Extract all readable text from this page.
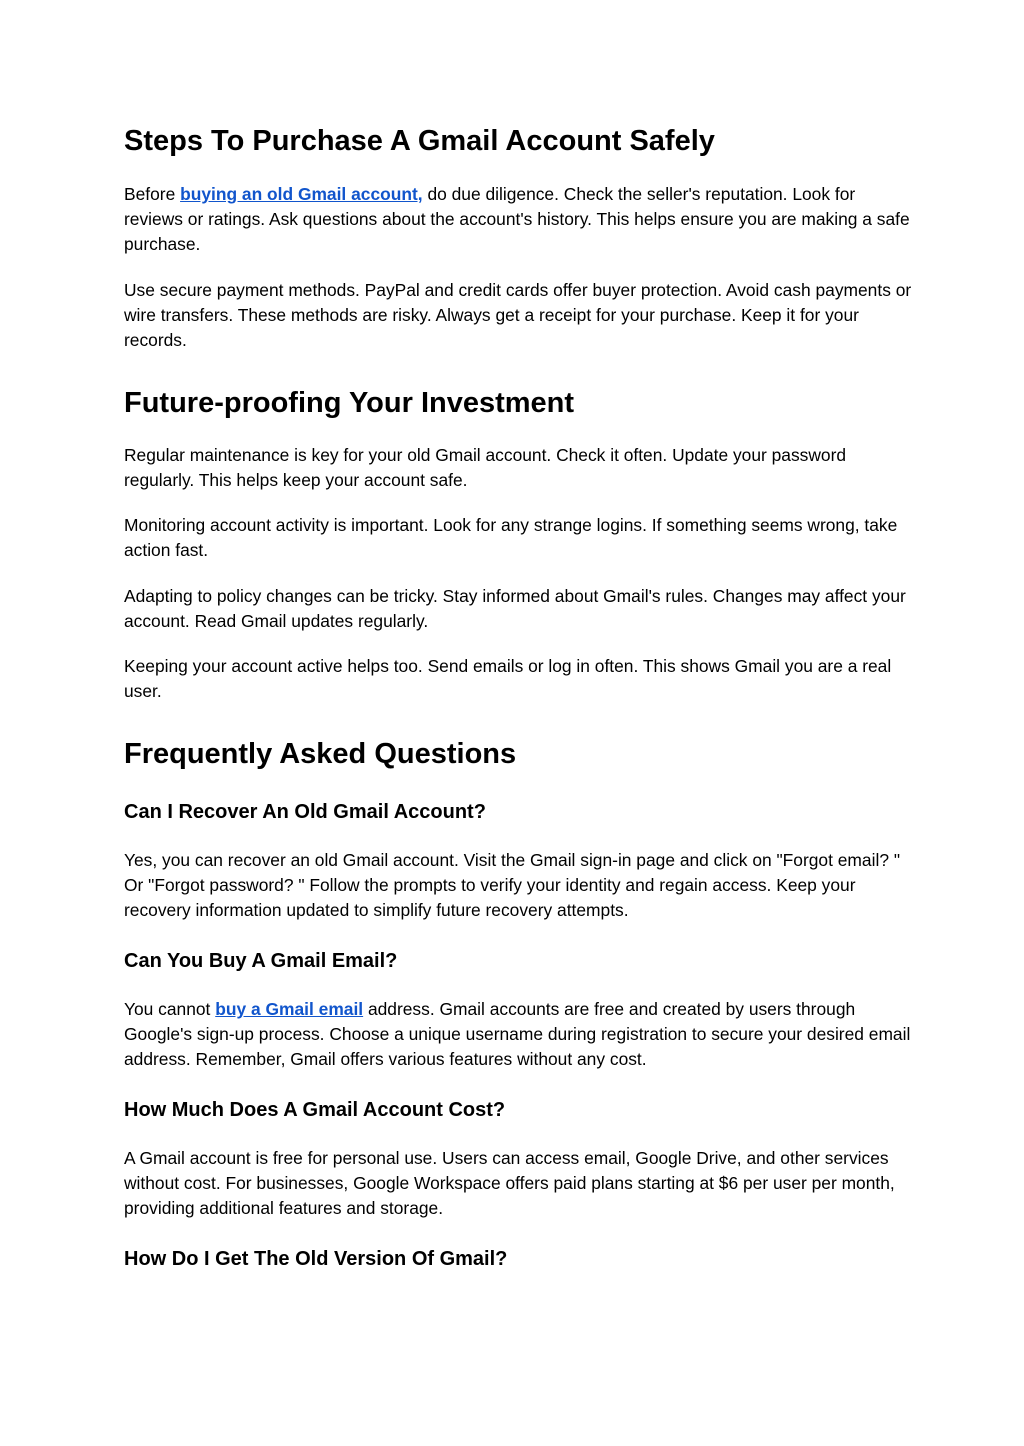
Steps To Purchase A Gmail Account Safely

Before buying an old Gmail account, do due diligence. Check the seller's reputation. Look for reviews or ratings. Ask questions about the account's history. This helps ensure you are making a safe purchase.

Use secure payment methods. PayPal and credit cards offer buyer protection. Avoid cash payments or wire transfers. These methods are risky. Always get a receipt for your purchase. Keep it for your records.

Future-proofing Your Investment

Regular maintenance is key for your old Gmail account. Check it often. Update your password regularly. This helps keep your account safe.

Monitoring account activity is important. Look for any strange logins. If something seems wrong, take action fast.

Adapting to policy changes can be tricky. Stay informed about Gmail's rules. Changes may affect your account. Read Gmail updates regularly.

Keeping your account active helps too. Send emails or log in often. This shows Gmail you are a real user.

Frequently Asked Questions
Can I Recover An Old Gmail Account?

Yes, you can recover an old Gmail account. Visit the Gmail sign-in page and click on "Forgot email? " Or "Forgot password? " Follow the prompts to verify your identity and regain access. Keep your recovery information updated to simplify future recovery attempts.

Can You Buy A Gmail Email?

You cannot buy a Gmail email address. Gmail accounts are free and created by users through Google's sign-up process. Choose a unique username during registration to secure your desired email address. Remember, Gmail offers various features without any cost.

How Much Does A Gmail Account Cost?

A Gmail account is free for personal use. Users can access email, Google Drive, and other services without cost. For businesses, Google Workspace offers paid plans starting at $6 per user per month, providing additional features and storage.

How Do I Get The Old Version Of Gmail?
